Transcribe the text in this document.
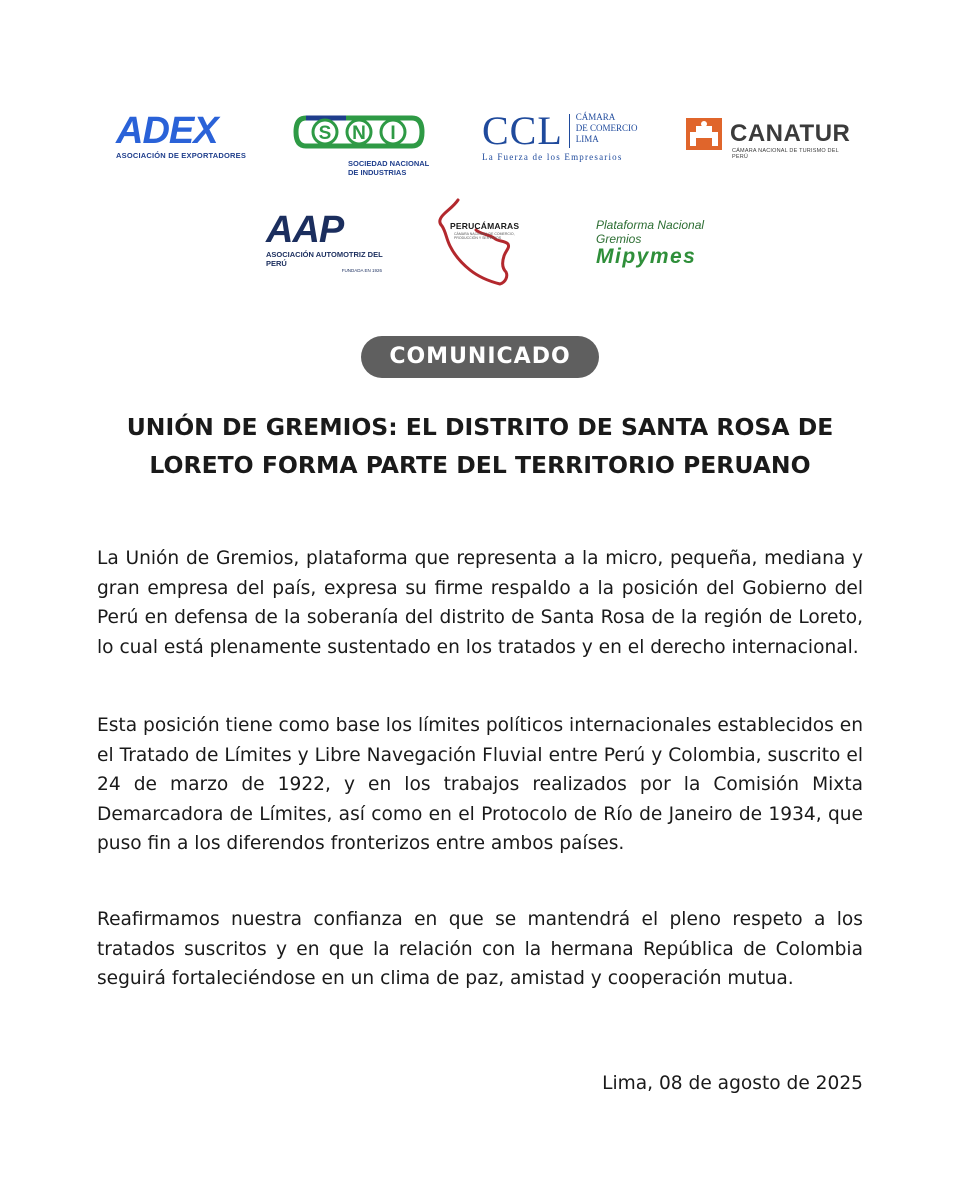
ADEX
ASOCIACIÓN DE EXPORTADORES
S N I
SOCIEDAD NACIONAL
DE INDUSTRIAS
CCL CÁMARA
DE COMERCIO
LIMA
La Fuerza de los Empresarios
CANATUR
CÁMARA NACIONAL DE TURISMO DEL PERÚ
AAP
ASOCIACIÓN AUTOMOTRIZ DEL PERÚ
FUNDADA EN 1926
PERUCÁMARAS
CÁMARA NACIONAL DE COMERCIO, PRODUCCIÓN Y SERVICIOS
Plataforma Nacional Gremios
Mipymes
COMUNICADO
UNIÓN DE GREMIOS: EL DISTRITO DE SANTA ROSA DE
LORETO FORMA PARTE DEL TERRITORIO PERUANO

La Unión de Gremios, plataforma que representa a la micro, pequeña, mediana y gran empresa del país, expresa su firme respaldo a la posición del Gobierno del Perú en defensa de la soberanía del distrito de Santa Rosa de la región de Loreto, lo cual está plenamente sustentado en los tratados y en el derecho internacional.

Esta posición tiene como base los límites políticos internacionales establecidos en el Tratado de Límites y Libre Navegación Fluvial entre Perú y Colombia, suscrito el 24 de marzo de 1922, y en los trabajos realizados por la Comisión Mixta Demarcadora de Límites, así como en el Protocolo de Río de Janeiro de 1934, que puso fin a los diferendos fronterizos entre ambos países.

Reafirmamos nuestra confianza en que se mantendrá el pleno respeto a los tratados suscritos y en que la relación con la hermana República de Colombia seguirá fortaleciéndose en un clima de paz, amistad y cooperación mutua.

Lima, 08 de agosto de 2025
